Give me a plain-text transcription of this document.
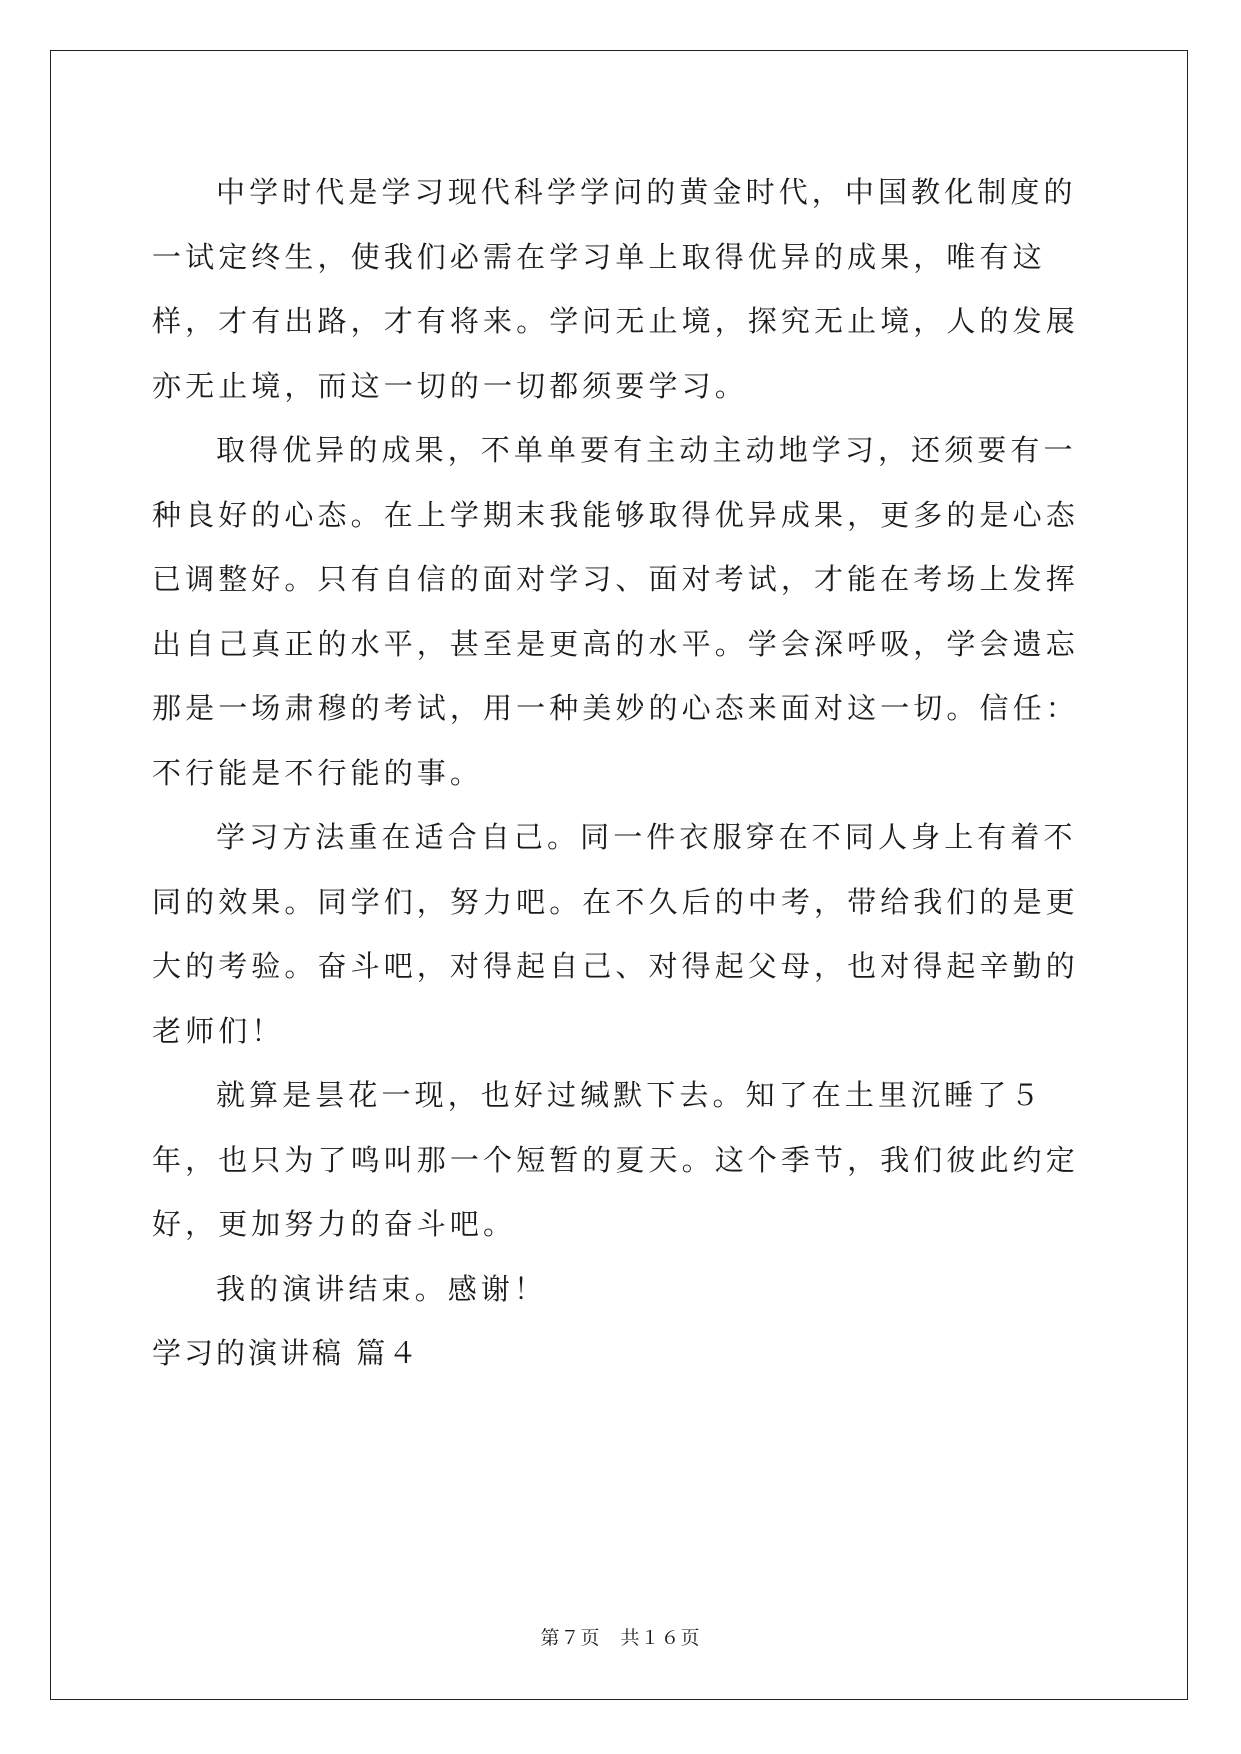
中学时代是学习现代科学学问的黄金时代，中国教化制度的一试定终生，使我们必需在学习单上取得优异的成果，唯有这样，才有出路，才有将来。学问无止境，探究无止境，人的发展亦无止境，而这一切的一切都须要学习。

取得优异的成果，不单单要有主动主动地学习，还须要有一种良好的心态。在上学期末我能够取得优异成果，更多的是心态已调整好。只有自信的面对学习、面对考试，才能在考场上发挥出自己真正的水平，甚至是更高的水平。学会深呼吸，学会遗忘那是一场肃穆的考试，用一种美妙的心态来面对这一切。信任：不行能是不行能的事。

学习方法重在适合自己。同一件衣服穿在不同人身上有着不同的效果。同学们，努力吧。在不久后的中考，带给我们的是更大的考验。奋斗吧，对得起自己、对得起父母，也对得起辛勤的老师们！

就算是昙花一现，也好过缄默下去。知了在土里沉睡了５年，也只为了鸣叫那一个短暂的夏天。这个季节，我们彼此约定好，更加努力的奋斗吧。

我的演讲结束。感谢！

学习的演讲稿 篇４

第７页 共１６页
